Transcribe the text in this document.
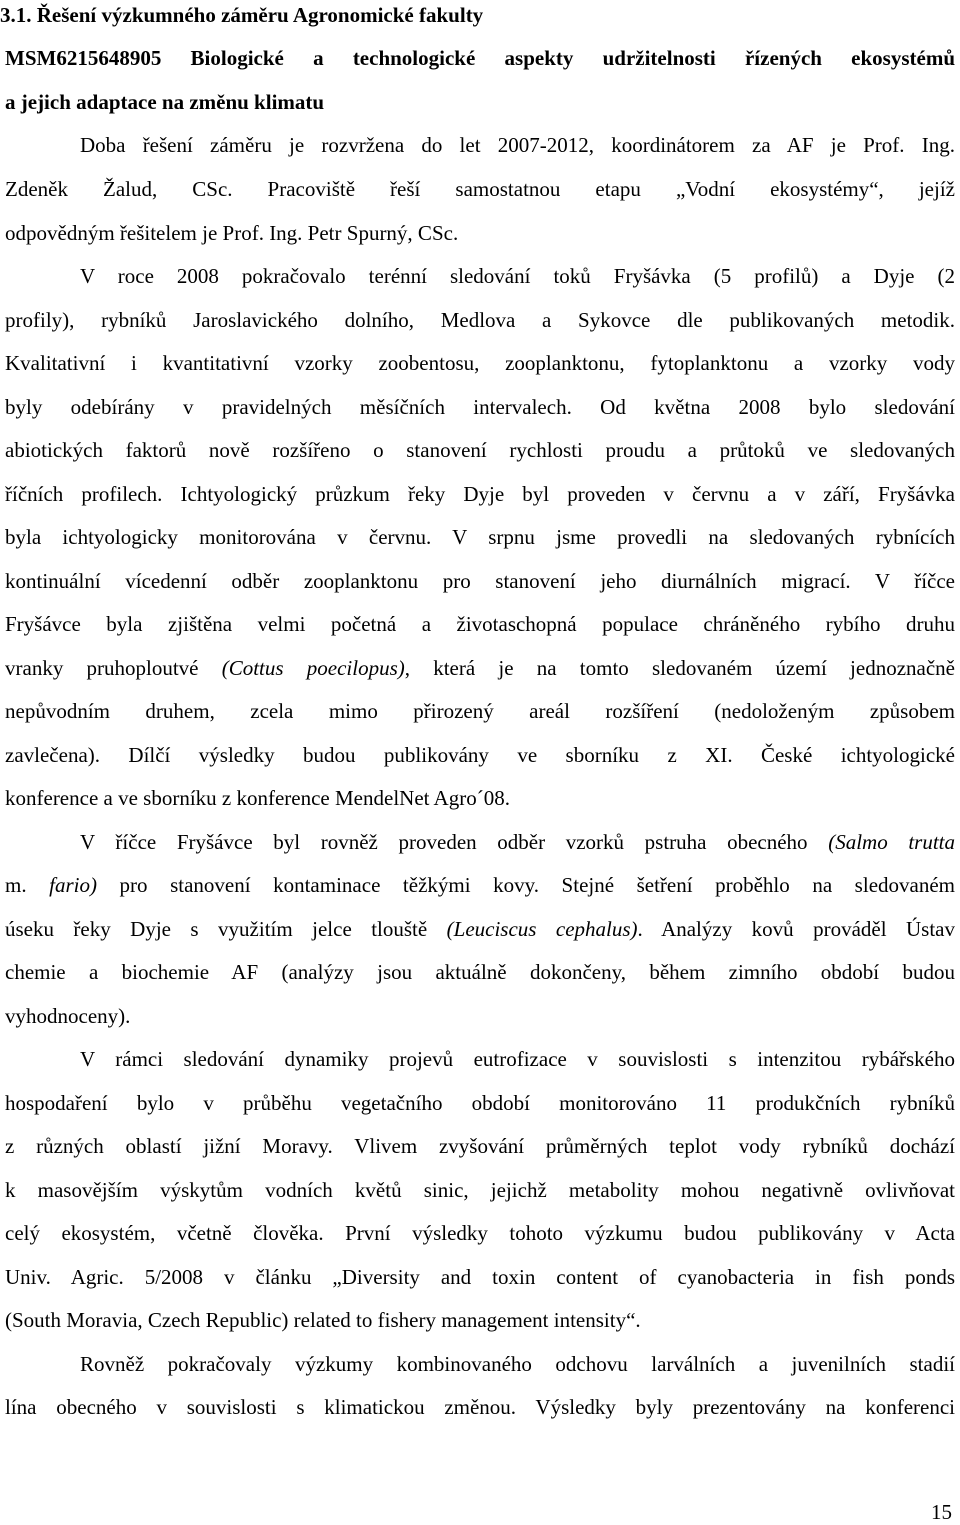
3.1. Řešení výzkumného záměru Agronomické fakulty
MSM6215648905 Biologické a technologické aspekty udržitelnosti řízených ekosystémů
a jejich adaptace na změnu klimatu
Doba řešení záměru je rozvržena do let 2007-2012, koordinátorem za AF je Prof. Ing.
Zdeněk Žalud, CSc. Pracoviště řeší samostatnou etapu „Vodní ekosystémy“, jejíž
odpovědným řešitelem je Prof. Ing. Petr Spurný, CSc.
V roce 2008 pokračovalo terénní sledování toků Fryšávka (5 profilů) a Dyje (2
profily), rybníků Jaroslavického dolního, Medlova a Sykovce dle publikovaných metodik.
Kvalitativní i kvantitativní vzorky zoobentosu, zooplanktonu, fytoplanktonu a vzorky vody
byly odebírány v pravidelných měsíčních intervalech. Od května 2008 bylo sledování
abiotických faktorů nově rozšířeno o stanovení rychlosti proudu a průtoků ve sledovaných
říčních profilech. Ichtyologický průzkum řeky Dyje byl proveden v červnu a v září, Fryšávka
byla ichtyologicky monitorována v červnu. V srpnu jsme provedli na sledovaných rybnících
kontinuální vícedenní odběr zooplanktonu pro stanovení jeho diurnálních migrací. V říčce
Fryšávce byla zjištěna velmi početná a životaschopná populace chráněného rybího druhu
vranky pruhoploutvé (Cottus poecilopus), která je na tomto sledovaném území jednoznačně
nepůvodním druhem, zcela mimo přirozený areál rozšíření (nedoloženým způsobem
zavlečena). Dílčí výsledky budou publikovány ve sborníku z XI. České ichtyologické
konference a ve sborníku z konference MendelNet Agro´08.
V říčce Fryšávce byl rovněž proveden odběr vzorků pstruha obecného (Salmo trutta
m. fario) pro stanovení kontaminace těžkými kovy. Stejné šetření proběhlo na sledovaném
úseku řeky Dyje s využitím jelce tlouště (Leuciscus cephalus). Analýzy kovů prováděl Ústav
chemie a biochemie AF (analýzy jsou aktuálně dokončeny, během zimního období budou
vyhodnoceny).
V rámci sledování dynamiky projevů eutrofizace v souvislosti s intenzitou rybářského
hospodaření bylo v průběhu vegetačního období monitorováno 11 produkčních rybníků
z různých oblastí jižní Moravy. Vlivem zvyšování průměrných teplot vody rybníků dochází
k masovějším výskytům vodních květů sinic, jejichž metabolity mohou negativně ovlivňovat
celý ekosystém, včetně člověka. První výsledky tohoto výzkumu budou publikovány v Acta
Univ. Agric. 5/2008 v článku „Diversity and toxin content of cyanobacteria in fish ponds
(South Moravia, Czech Republic) related to fishery management intensity“.
Rovněž pokračovaly výzkumy kombinovaného odchovu larválních a juvenilních stadií
lína obecného v souvislosti s klimatickou změnou. Výsledky byly prezentovány na konferenci
15
